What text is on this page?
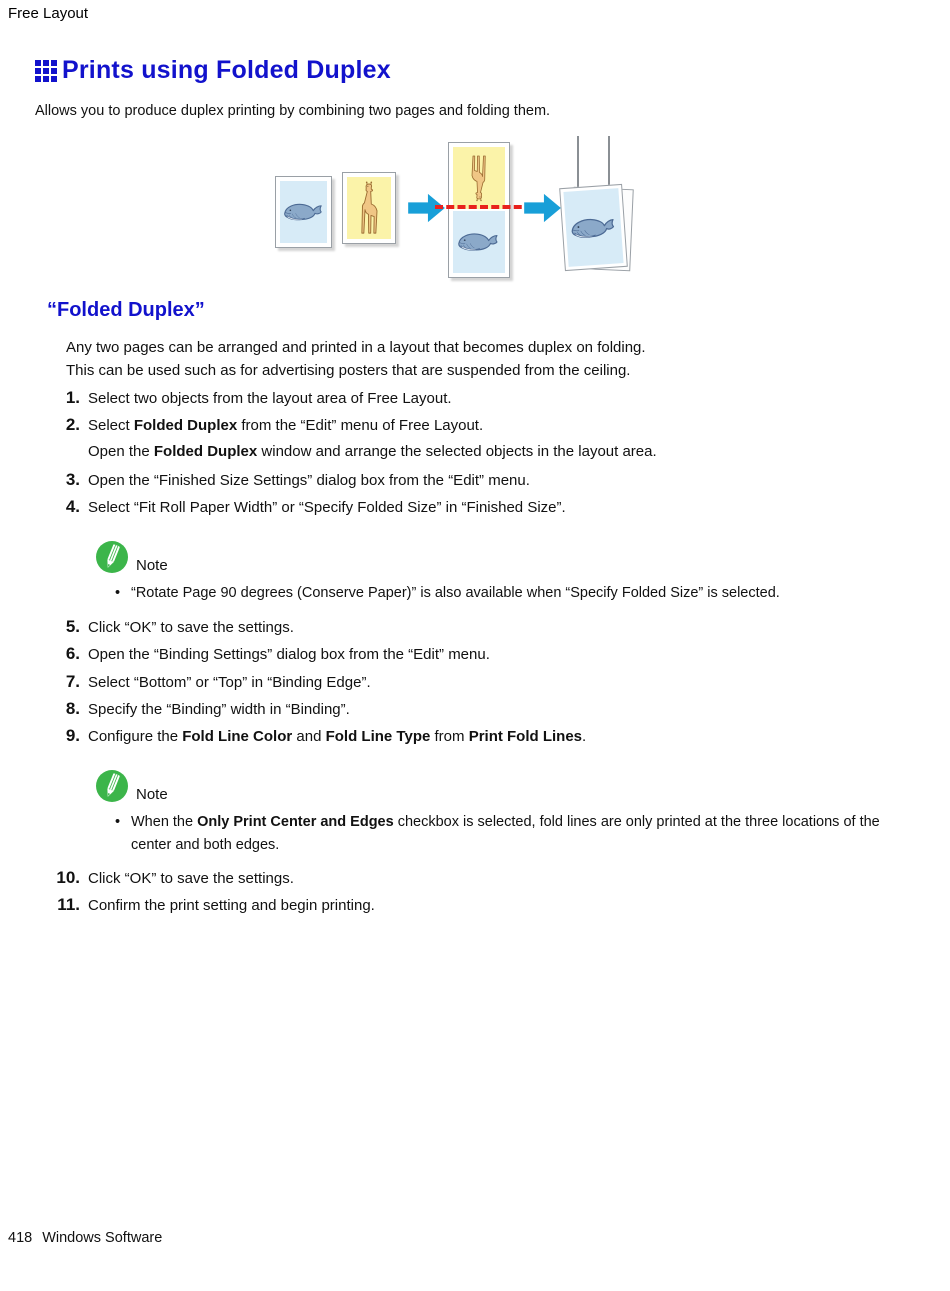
Free Layout
Prints using Folded Duplex

Allows you to produce duplex printing by combining two pages and folding them.

“Folded Duplex”

Any two pages can be arranged and printed in a layout that becomes duplex on folding.
This can be used such as for advertising posters that are suspended from the ceiling.

1. Select two objects from the layout area of Free Layout.
2. Select Folded Duplex from the “Edit” menu of Free Layout.
Open the Folded Duplex window and arrange the selected objects in the layout area.
3. Open the “Finished Size Settings” dialog box from the “Edit” menu.
4. Select “Fit Roll Paper Width” or “Specify Folded Size” in “Finished Size”.
Note
• “Rotate Page 90 degrees (Conserve Paper)” is also available when “Specify Folded Size” is selected.
5. Click “OK” to save the settings.
6. Open the “Binding Settings” dialog box from the “Edit” menu.
7. Select “Bottom” or “Top” in “Binding Edge”.
8. Specify the “Binding” width in “Binding”.
9. Configure the Fold Line Color and Fold Line Type from Print Fold Lines.
Note
• When the Only Print Center and Edges checkbox is selected, fold lines are only printed at the three locations of the center and both edges.
10. Click “OK” to save the settings.
11. Confirm the print setting and begin printing.
418 Windows Software
